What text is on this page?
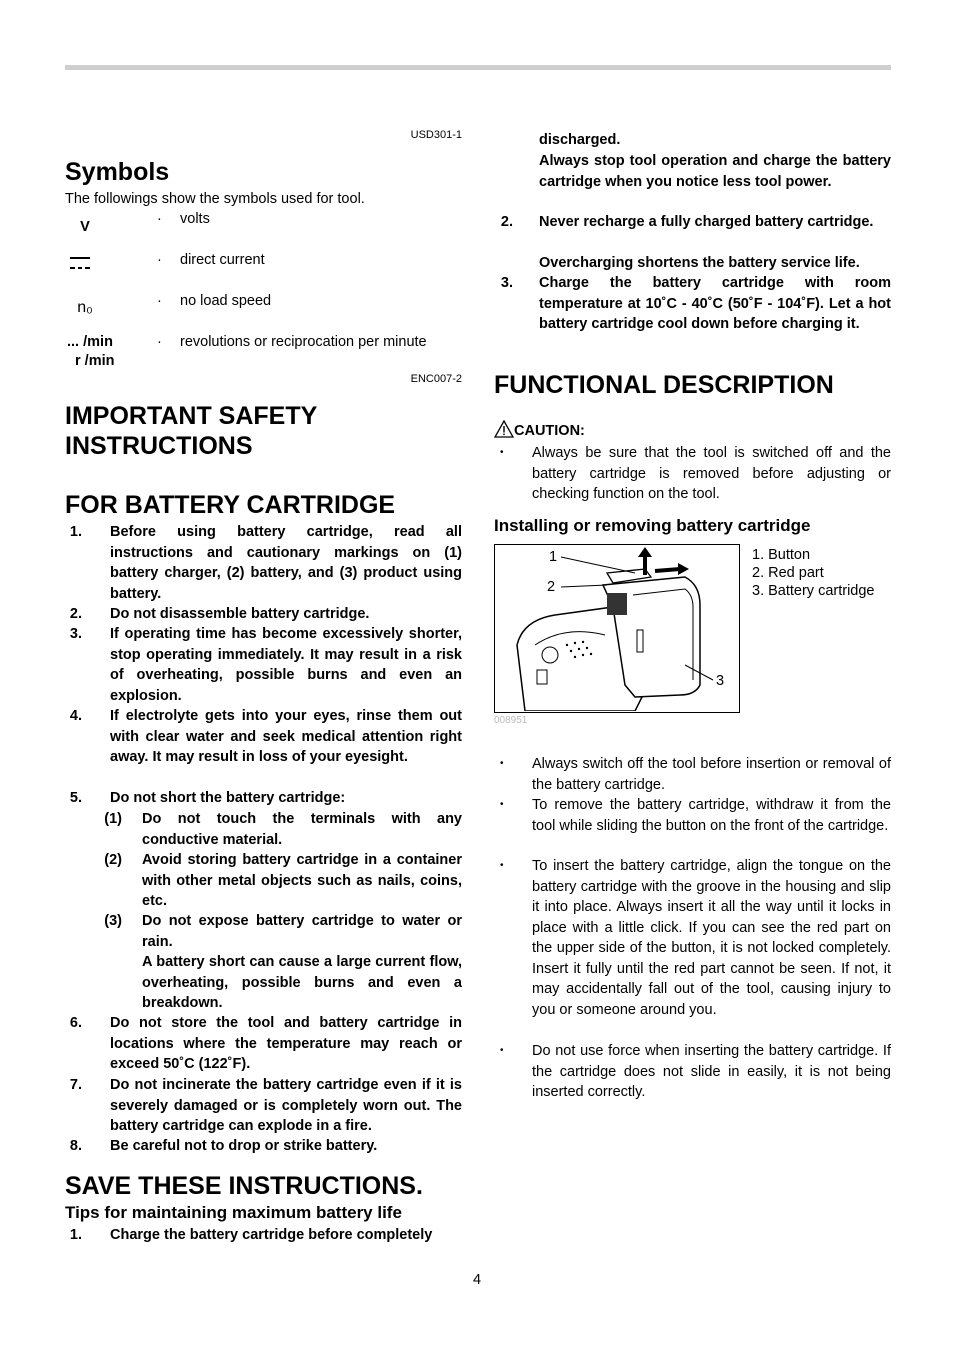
USD301-1
Symbols
The followings show the symbols used for tool.
V	· volts
· direct current
n₀	· no load speed
... /min
r /min
· revolutions or reciprocation per minute
ENC007-2
IMPORTANT SAFETY
INSTRUCTIONS
FOR BATTERY CARTRIDGE
1. Before using battery cartridge, read all instructions and cautionary markings on (1) battery charger, (2) battery, and (3) product using battery.
2. Do not disassemble battery cartridge.
3. If operating time has become excessively shorter, stop operating immediately. It may result in a risk of overheating, possible burns and even an explosion.
4. If electrolyte gets into your eyes, rinse them out with clear water and seek medical attention right away. It may result in loss of your eyesight.
5. Do not short the battery cartridge:
(1) Do not touch the terminals with any conductive material.
(2) Avoid storing battery cartridge in a container with other metal objects such as nails, coins, etc.
(3) Do not expose battery cartridge to water or rain.
A battery short can cause a large current flow, overheating, possible burns and even a breakdown.
6. Do not store the tool and battery cartridge in locations where the temperature may reach or exceed 50˚C (122˚F).
7. Do not incinerate the battery cartridge even if it is severely damaged or is completely worn out. The battery cartridge can explode in a fire.
8. Be careful not to drop or strike battery.
SAVE THESE INSTRUCTIONS.
Tips for maintaining maximum battery life
1. Charge the battery cartridge before completely
discharged.
Always stop tool operation and charge the battery cartridge when you notice less tool power.
2. Never recharge a fully charged battery cartridge.
Overcharging shortens the battery service life.
3. Charge the battery cartridge with room temperature at 10˚C - 40˚C (50˚F - 104˚F). Let a hot battery cartridge cool down before charging it.
FUNCTIONAL DESCRIPTION
CAUTION:
• Always be sure that the tool is switched off and the battery cartridge is removed before adjusting or checking function on the tool.
Installing or removing battery cartridge
1
2
3
1. Button
2. Red part
3. Battery cartridge
008951
• Always switch off the tool before insertion or removal of the battery cartridge.
• To remove the battery cartridge, withdraw it from the tool while sliding the button on the front of the cartridge.
• To insert the battery cartridge, align the tongue on the battery cartridge with the groove in the housing and slip it into place. Always insert it all the way until it locks in place with a little click. If you can see the red part on the upper side of the button, it is not locked completely. Insert it fully until the red part cannot be seen. If not, it may accidentally fall out of the tool, causing injury to you or someone around you.
• Do not use force when inserting the battery cartridge. If the cartridge does not slide in easily, it is not being inserted correctly.
4
